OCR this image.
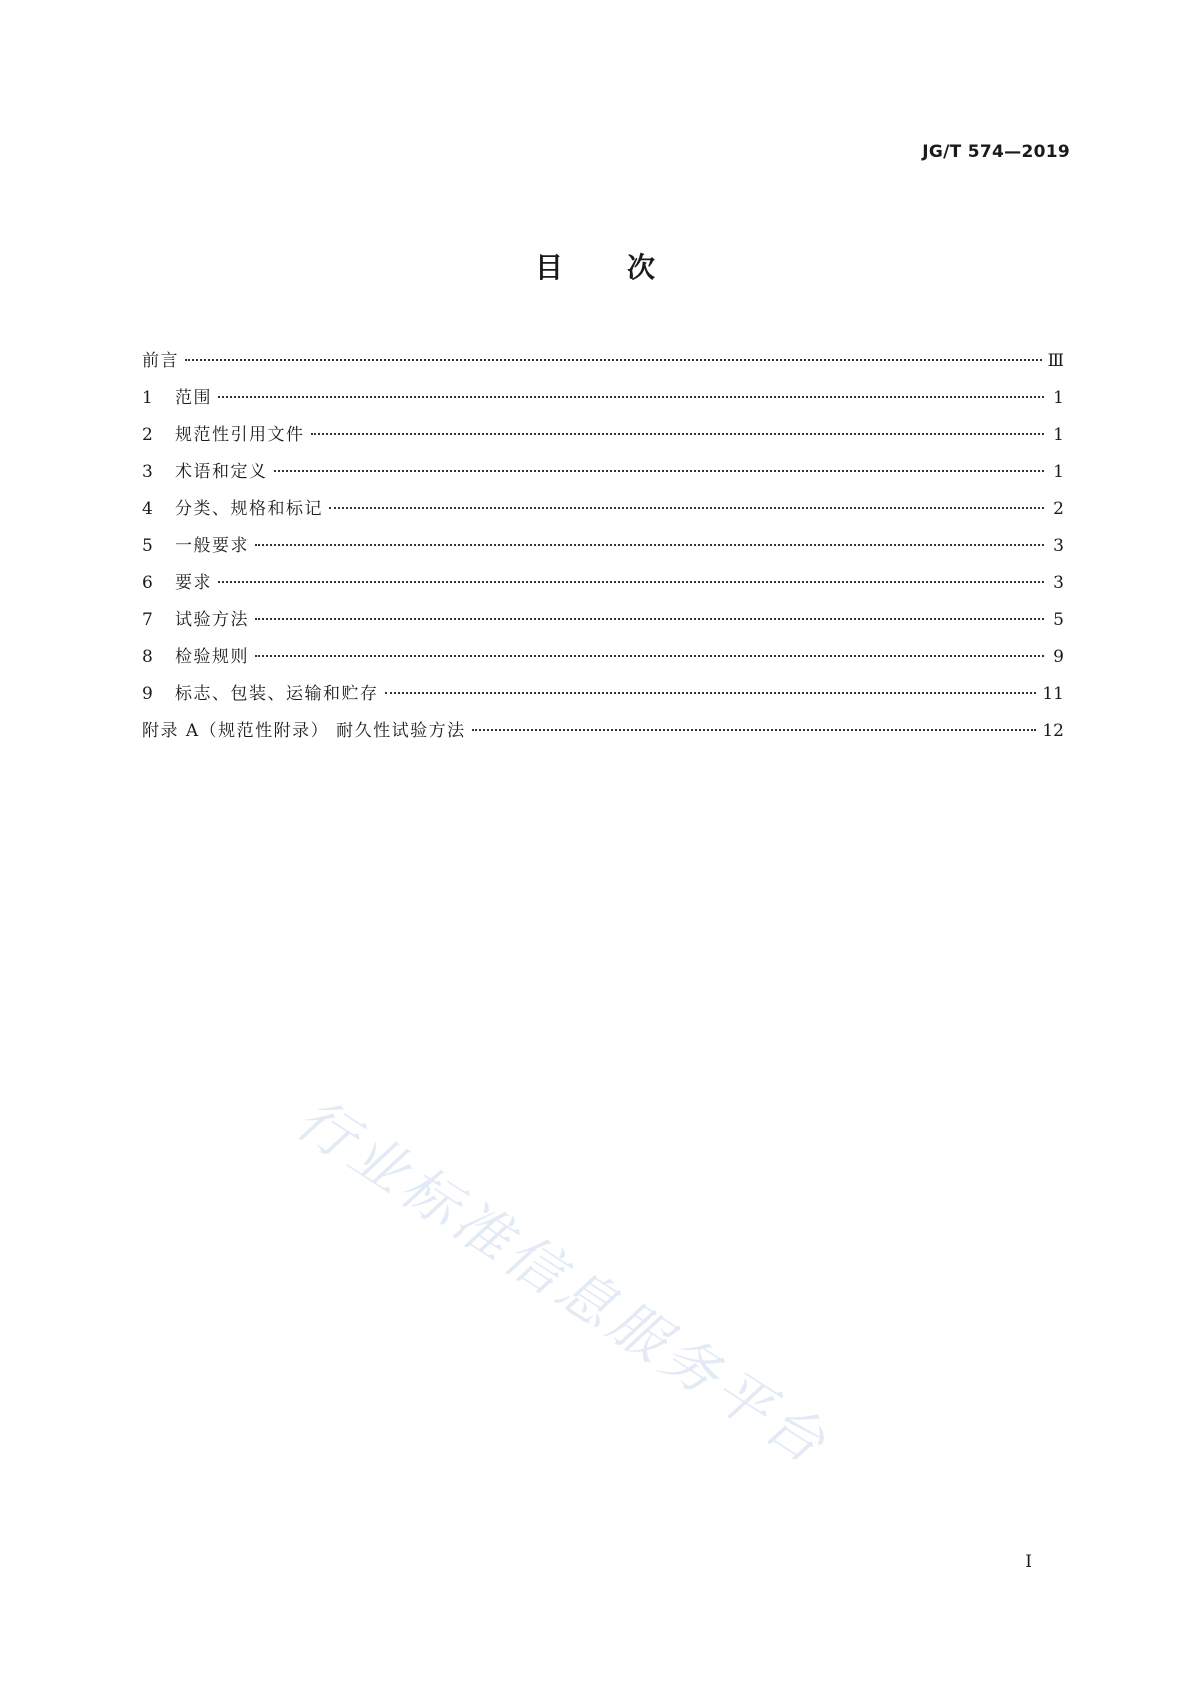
JG/T 574—2019
目次
前言	Ⅲ
1	范围	1
2	规范性引用文件	1
3	术语和定义	1
4	分类、规格和标记	2
5	一般要求	3
6	要求	3
7	试验方法	5
8	检验规则	9
9	标志、包装、运输和贮存	11
附录 A（规范性附录） 耐久性试验方法	12
行业标准信息服务平台
I
